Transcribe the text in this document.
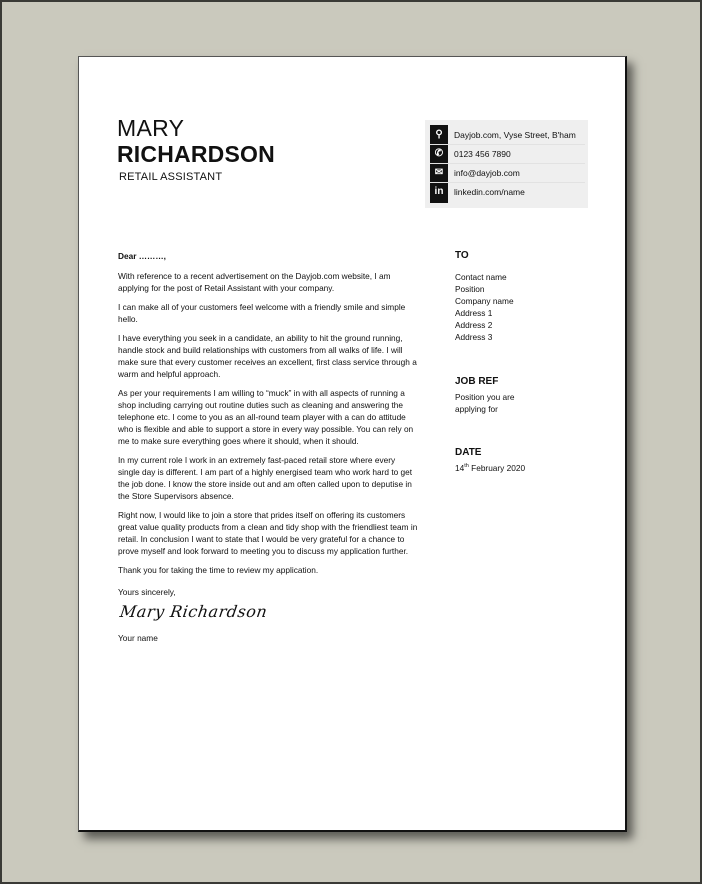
MARY
RICHARDSON
RETAIL ASSISTANT
⚲	Dayjob.com, Vyse Street, B'ham
✆	0123 456 7890
✉	info@dayjob.com
in	linkedin.com/name

Dear ………,

With reference to a recent advertisement on the Dayjob.com website, I am applying for the post of Retail Assistant with your company.

I can make all of your customers feel welcome with a friendly smile and simple hello.

I have everything you seek in a candidate, an ability to hit the ground running, handle stock and build relationships with customers from all walks of life. I will make sure that every customer receives an excellent, first class service through a warm and helpful approach.

As per your requirements I am willing to “muck” in with all aspects of running a shop including carrying out routine duties such as cleaning and answering the telephone etc. I come to you as an all-round team player with a can do attitude who is flexible and able to support a store in every way possible. You can rely on me to make sure everything goes where it should, when it should.

In my current role I work in an extremely fast-paced retail store where every single day is different. I am part of a highly energised team who work hard to get the job done. I know the store inside out and am often called upon to deputise in the Store Supervisors absence.

Right now, I would like to join a store that prides itself on offering its customers great value quality products from a clean and tidy shop with the friendliest team in retail. In conclusion I want to state that I would be very grateful for a chance to prove myself and look forward to meeting you to discuss my application further.

Thank you for taking the time to review my application.

Yours sincerely,

Mary Richardson

Your name

TO
Contact name
Position
Company name
Address 1
Address 2
Address 3
JOB REF
Position you are
applying for
DATE
14th February 2020
